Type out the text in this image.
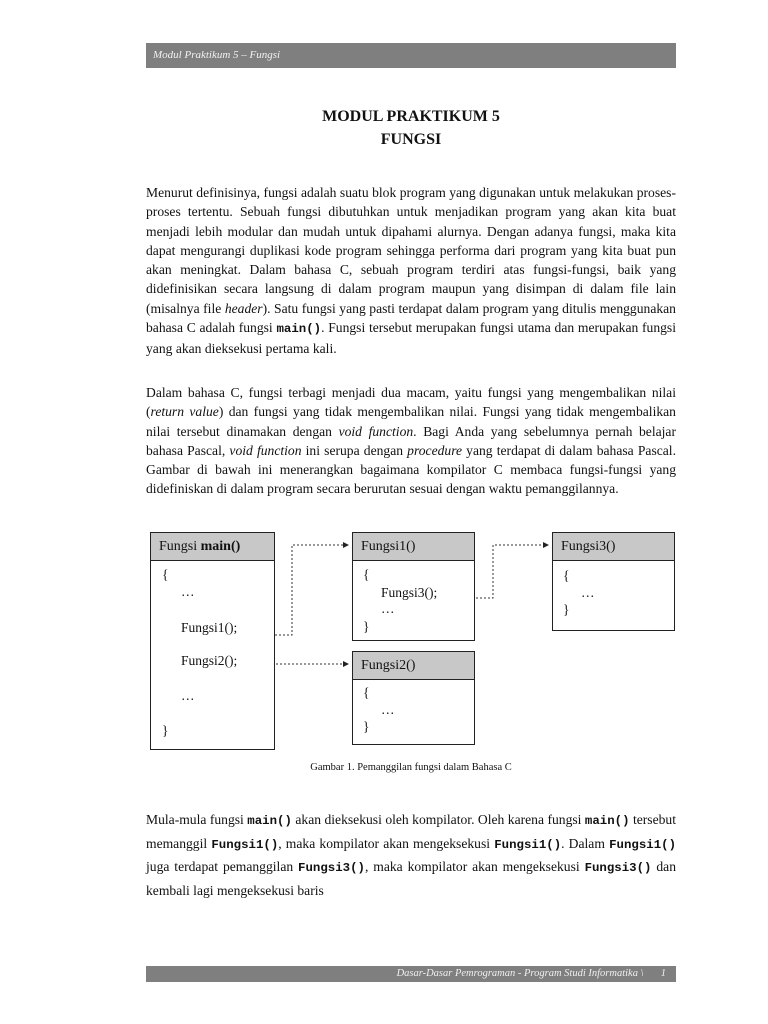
Modul Praktikum 5 – Fungsi
MODUL PRAKTIKUM 5
FUNGSI

Menurut definisinya, fungsi adalah suatu blok program yang digunakan untuk melakukan proses-proses tertentu. Sebuah fungsi dibutuhkan untuk menjadikan program yang akan kita buat menjadi lebih modular dan mudah untuk dipahami alurnya. Dengan adanya fungsi, maka kita dapat mengurangi duplikasi kode program sehingga performa dari program yang kita buat pun akan meningkat. Dalam bahasa C, sebuah program terdiri atas fungsi-fungsi, baik yang didefinisikan secara langsung di dalam program maupun yang disimpan di dalam file lain (misalnya file header). Satu fungsi yang pasti terdapat dalam program yang ditulis menggunakan bahasa C adalah fungsi main(). Fungsi tersebut merupakan fungsi utama dan merupakan fungsi yang akan dieksekusi pertama kali.

Dalam bahasa C, fungsi terbagi menjadi dua macam, yaitu fungsi yang mengembalikan nilai (return value) dan fungsi yang tidak mengembalikan nilai. Fungsi yang tidak mengembalikan nilai tersebut dinamakan dengan void function. Bagi Anda yang sebelumnya pernah belajar bahasa Pascal, void function ini serupa dengan procedure yang terdapat di dalam bahasa Pascal. Gambar di bawah ini menerangkan bagaimana kompilator C membaca fungsi-fungsi yang didefiniskan di dalam program secara berurutan sesuai dengan waktu pemanggilannya.

Fungsi main()
{
…
Fungsi1();
Fungsi2();
…
}
Fungsi1()
{
Fungsi3();
…
}
Fungsi3()
{
…
}
Fungsi2()
{
…
}
Gambar 1. Pemanggilan fungsi dalam Bahasa C

Mula-mula fungsi main() akan dieksekusi oleh kompilator. Oleh karena fungsi main() tersebut memanggil Fungsi1(), maka kompilator akan mengeksekusi Fungsi1(). Dalam Fungsi1() juga terdapat pemanggilan Fungsi3(), maka kompilator akan mengeksekusi Fungsi3() dan kembali lagi mengeksekusi baris

Dasar-Dasar Pemrograman - Program Studi Informatika \ 1
